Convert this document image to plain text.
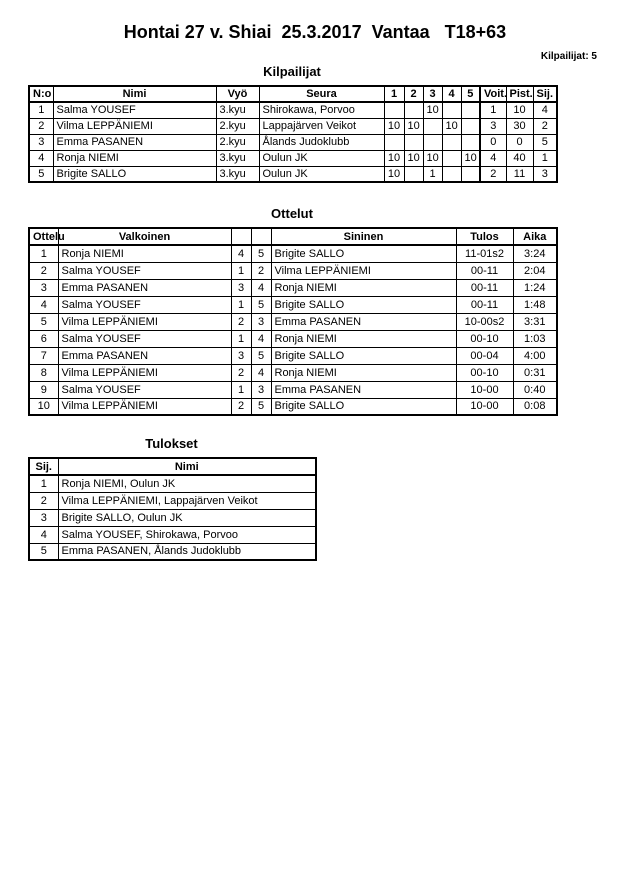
Hontai 27 v. Shiai  25.3.2017  Vantaa   T18+63
Kilpailijat: 5
Kilpailijat
N:o	Nimi	Vyö	Seura	1	2	3	4	5	Voit.	Pist.	Sij.
1	Salma YOUSEF	3.kyu	Shirokawa, Porvoo			10			1	10	4
2	Vilma LEPPÄNIEMI	2.kyu	Lappajärven Veikot	10	10		10		3	30	2
3	Emma PASANEN	2.kyu	Ålands Judoklubb						0	0	5
4	Ronja NIEMI	3.kyu	Oulun JK	10	10	10		10	4	40	1
5	Brigite SALLO	3.kyu	Oulun JK	10		1			2	11	3
Ottelut
Ottelu	Valkoinen			Sininen	Tulos	Aika
1	Ronja NIEMI	4	5	Brigite SALLO	11-01s2	3:24
2	Salma YOUSEF	1	2	Vilma LEPPÄNIEMI	00-11	2:04
3	Emma PASANEN	3	4	Ronja NIEMI	00-11	1:24
4	Salma YOUSEF	1	5	Brigite SALLO	00-11	1:48
5	Vilma LEPPÄNIEMI	2	3	Emma PASANEN	10-00s2	3:31
6	Salma YOUSEF	1	4	Ronja NIEMI	00-10	1:03
7	Emma PASANEN	3	5	Brigite SALLO	00-04	4:00
8	Vilma LEPPÄNIEMI	2	4	Ronja NIEMI	00-10	0:31
9	Salma YOUSEF	1	3	Emma PASANEN	10-00	0:40
10	Vilma LEPPÄNIEMI	2	5	Brigite SALLO	10-00	0:08
Tulokset
Sij.	Nimi
1	Ronja NIEMI, Oulun JK
2	Vilma LEPPÄNIEMI, Lappajärven Veikot
3	Brigite SALLO, Oulun JK
4	Salma YOUSEF, Shirokawa, Porvoo
5	Emma PASANEN, Ålands Judoklubb
